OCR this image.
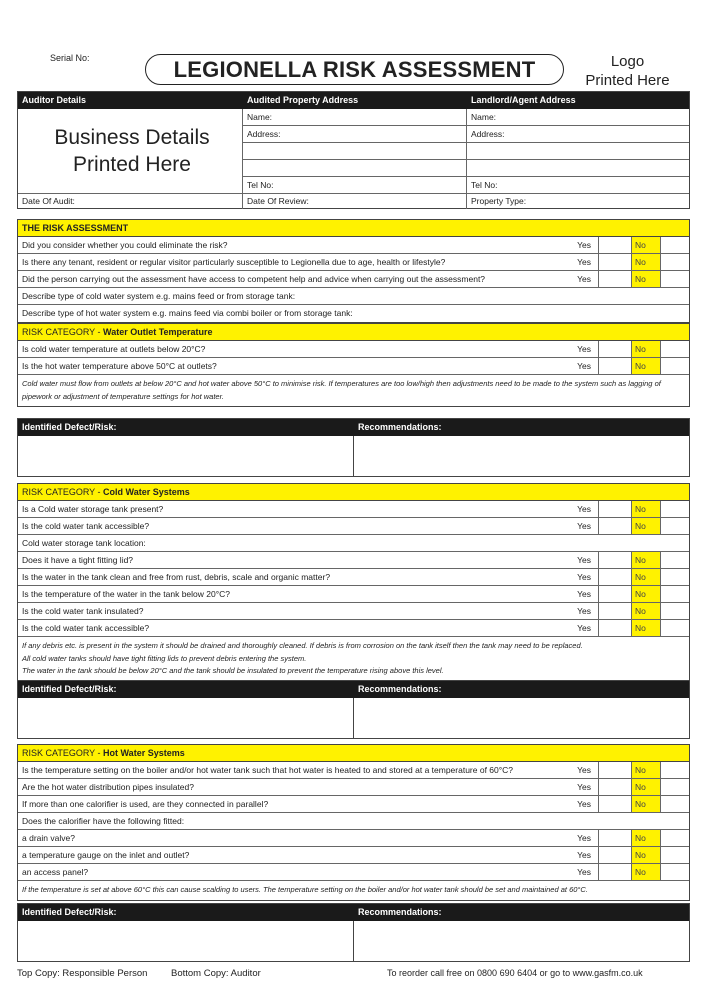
Serial No:	LEGIONELLA RISK ASSESSMENT	Logo
Printed Here
Auditor Details	Audited Property Address	Landlord/Agent Address
Business Details
Printed Here
Name:	Name:
Address:	Address:
Tel No:	Tel No:
Date Of Audit:	Date Of Review:	Property Type:
THE RISK ASSESSMENT
Did you consider whether you could eliminate the risk?	Yes	No
Is there any tenant, resident or regular visitor particularly susceptible to Legionella due to age, health or lifestyle?	Yes	No
Did the person carrying out the assessment have access to competent help and advice when carrying out the assessment?	Yes	No
Describe type of cold water system e.g. mains feed or from storage tank:
Describe type of hot water system e.g. mains feed via combi boiler or from storage tank:
RISK CATEGORY - Water Outlet Temperature
Is cold water temperature at outlets below 20°C?	Yes	No
Is the hot water temperature above 50°C at outlets?	Yes	No
Cold water must flow from outlets at below 20°C and hot water above 50°C to minimise risk. If temperatures are too low/high then adjustments need to be made to the system such as lagging of pipework or adjustment of temperature settings for hot water.
Identified Defect/Risk:	Recommendations:
RISK CATEGORY - Cold Water Systems
Is a Cold water storage tank present?	Yes	No
Is the cold water tank accessible?	Yes	No
Cold water storage tank location:
Does it have a tight fitting lid?	Yes	No
Is the water in the tank clean and free from rust, debris, scale and organic matter?	Yes	No
Is the temperature of the water in the tank below 20°C?	Yes	No
Is the cold water tank insulated?	Yes	No
Is the cold water tank accessible?	Yes	No
If any debris etc. is present in the system it should be drained and thoroughly cleaned. If debris is from corrosion on the tank itself then the tank may need to be replaced.
All cold water tanks should have tight fitting lids to prevent debris entering the system.
The water in the tank should be below 20°C and the tank should be insulated to prevent the temperature rising above this level.
Identified Defect/Risk:	Recommendations:
RISK CATEGORY - Hot Water Systems
Is the temperature setting on the boiler and/or hot water tank such that hot water is heated to and stored at a temperature of 60°C?	Yes	No
Are the hot water distribution pipes insulated?	Yes	No
If more than one calorifier is used, are they connected in parallel?	Yes	No
Does the calorifier have the following fitted:
a drain valve?	Yes	No
a temperature gauge on the inlet and outlet?	Yes	No
an access panel?	Yes	No
If the temperature is set at above 60°C this can cause scalding to users. The temperature setting on the boiler and/or hot water tank should be set and maintained at 60°C.
Identified Defect/Risk:	Recommendations:
Top Copy: Responsible Person Bottom Copy: Auditor	To reorder call free on 0800 690 6404 or go to www.gasfm.co.uk
